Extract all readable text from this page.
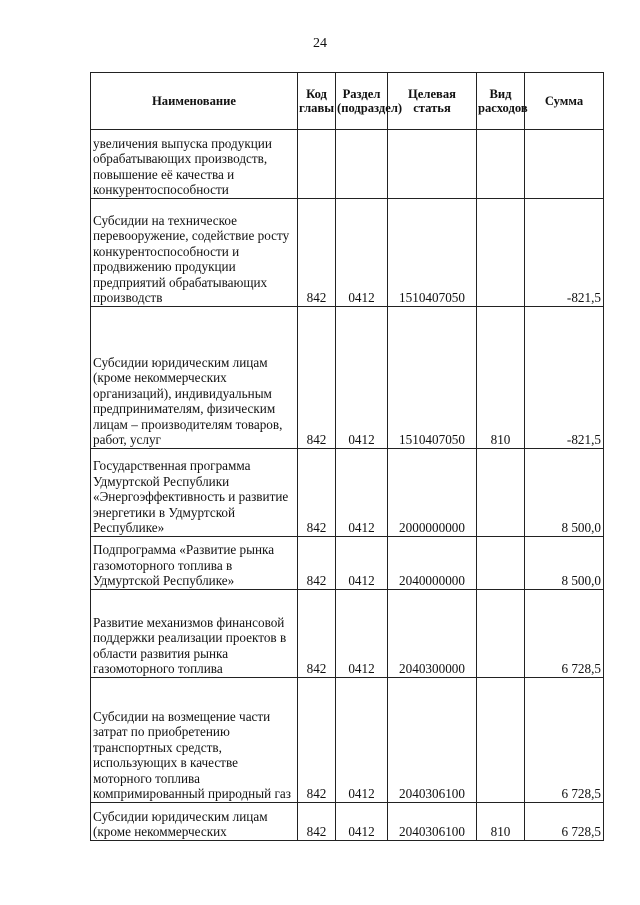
24
Наименование	Код главы	Раздел (подраздел)	Целевая статья	Вид расходов	Сумма
увеличения выпуска продукции обрабатывающих производств, повышение её качества и конкурентоспособности					
Субсидии на техническое перевооружение, содействие росту конкурентоспособности и продвижению продукции предприятий обрабатывающих производств	842	0412	1510407050		-821,5
Субсидии юридическим лицам (кроме некоммерческих организаций), индивидуальным предпринимателям, физическим лицам – производителям товаров, работ, услуг	842	0412	1510407050	810	-821,5
Государственная программа Удмуртской Республики «Энергоэффективность и развитие энергетики в Удмуртской Республике»	842	0412	2000000000		8 500,0
Подпрограмма «Развитие рынка газомоторного топлива в Удмуртской Республике»	842	0412	2040000000		8 500,0
Развитие механизмов финансовой поддержки реализации проектов в области развития рынка газомоторного топлива	842	0412	2040300000		6 728,5
Субсидии на возмещение части затрат по приобретению транспортных средств, использующих в качестве моторного топлива компримированный природный газ	842	0412	2040306100		6 728,5
Субсидии юридическим лицам (кроме некоммерческих	842	0412	2040306100	810	6 728,5
